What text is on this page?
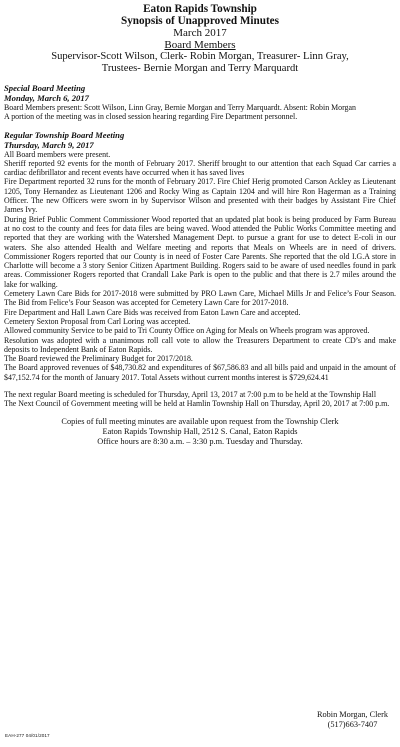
Eaton Rapids Township
Synopsis of Unapproved Minutes
March 2017
Board Members
Supervisor-Scott Wilson, Clerk- Robin Morgan, Treasurer- Linn Gray,
Trustees- Bernie Morgan and Terry Marquardt
Special Board Meeting
Monday, March 6, 2017

Board Members present: Scott Wilson, Linn Gray, Bernie Morgan and Terry Marquardt. Absent: Robin Morgan

A portion of the meeting was in closed session hearing regarding Fire Department personnel.

Regular Township Board Meeting
Thursday, March 9, 2017

All Board members were present.

Sheriff reported 92 events for the month of February 2017. Sheriff brought to our attention that each Squad Car carries a cardiac defibrillator and recent events have occurred when it has saved lives

Fire Department reported 32 runs for the month of February 2017. Fire Chief Herig promoted Carson Ackley as Lieutenant 1205, Tony Hernandez as Lieutenant 1206 and Rocky Wing as Captain 1204 and will hire Ron Hagerman as a Training Officer. The new Officers were sworn in by Supervisor Wilson and presented with their badges by Assistant Fire Chief James Ivy.

During Brief Public Comment Commissioner Wood reported that an updated plat book is being produced by Farm Bureau at no cost to the county and fees for data files are being waved. Wood attended the Public Works Committee meeting and reported that they are working with the Watershed Management Dept. to pursue a grant for use to detect E-coli in our waters. She also attended Health and Welfare meeting and reports that Meals on Wheels are in need of drivers. Commissioner Rogers reported that our County is in need of Foster Care Parents. She reported that the old I.G.A store in Charlotte will become a 3 story Senior Citizen Apartment Building. Rogers said to be aware of used needles found in park areas. Commissioner Rogers reported that Crandall Lake Park is open to the public and that there is 2.7 miles around the lake for walking.

Cemetery Lawn Care Bids for 2017-2018 were submitted by PRO Lawn Care, Michael Mills Jr and Felice’s Four Season. The Bid from Felice’s Four Season was accepted for Cemetery Lawn Care for 2017-2018.

Fire Department and Hall Lawn Care Bids was received from Eaton Lawn Care and accepted.

Cemetery Sexton Proposal from Carl Loring was accepted.

Allowed community Service to be paid to Tri County Office on Aging for Meals on Wheels program was approved.

Resolution was adopted with a unanimous roll call vote to allow the Treasurers Department to create CD’s and make deposits to Independent Bank of Eaton Rapids.

The Board reviewed the Preliminary Budget for 2017/2018.

The Board approved revenues of $48,730.82 and expenditures of $67,586.83 and all bills paid and unpaid in the amount of $47,152.74 for the month of January 2017. Total Assets without current months interest is $729,624.41

The next regular Board meeting is scheduled for Thursday, April 13, 2017 at 7:00 p.m to be held at the Township Hall

The Next Council of Government meeting will be held at Hamlin Township Hall on Thursday, April 20, 2017 at 7:00 p.m.

Copies of full meeting minutes are available upon request from the Township Clerk
Eaton Rapids Township Hall, 2512 S. Canal, Eaton Rapids
Office hours are 8:30 a.m. – 3:30 p.m. Tuesday and Thursday.
Robin Morgan, Clerk
(517)663-7407
EAH-277 04/01/2017
